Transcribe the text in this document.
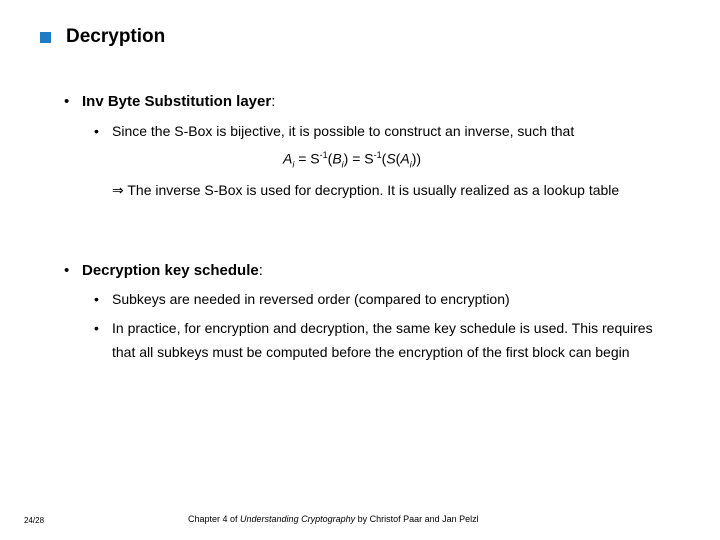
Decryption
• Inv Byte Substitution layer:
• Since the S-Box is bijective, it is possible to construct an inverse, such that
$A_i = S^{-1}(B_i) = S^{-1}(S(A_i))$
⇒ The inverse S-Box is used for decryption. It is usually realized as a lookup table
• Decryption key schedule:
• Subkeys are needed in reversed order (compared to encryption)
• In practice, for encryption and decryption, the same key schedule is used. This requires that all subkeys must be computed before the encryption of the first block can begin
24/28	Chapter 4 of Understanding Cryptography by Christof Paar and Jan Pelzl
